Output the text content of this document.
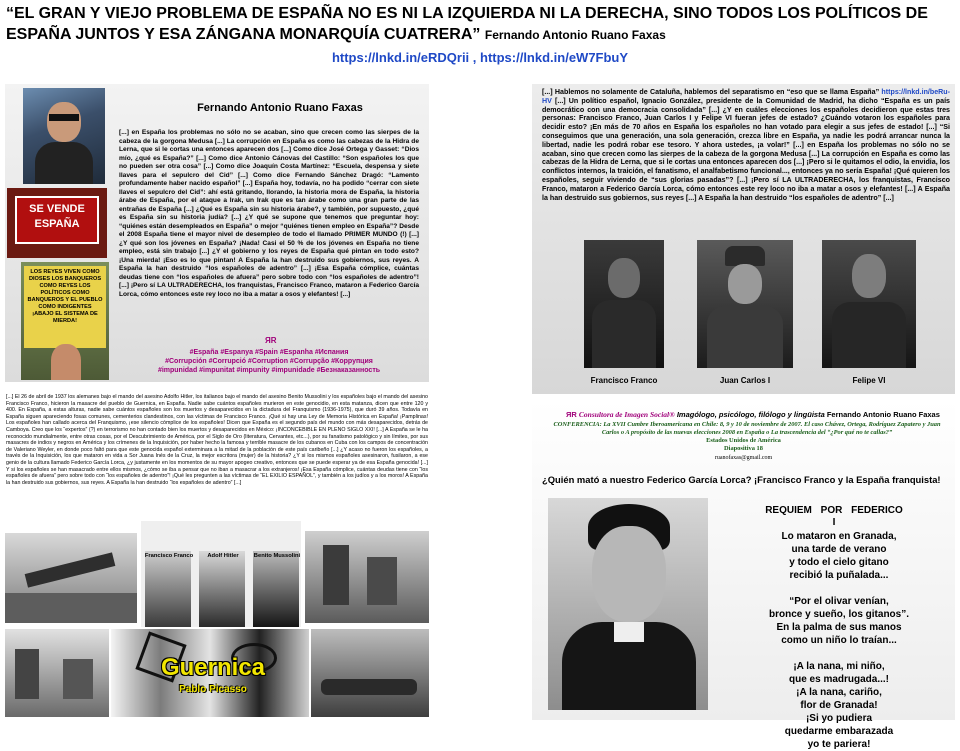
“EL GRAN Y VIEJO PROBLEMA DE ESPAÑA NO ES NI LA IZQUIERDA NI LA DERECHA, SINO TODOS LOS POLÍTICOS DE ESPAÑA JUNTOS Y ESA ZÁNGANA MONARQUÍA CUATRERA” Fernando Antonio Ruano Faxas
https://lnkd.in/eRDQrii , https://lnkd.in/eW7FbuY
SE VENDE ESPAÑA
LOS REYES VIVEN COMO DIOSES LOS BANQUEROS COMO REYES LOS POLÍTICOS COMO BANQUEROS Y EL PUEBLO COMO INDIGENTES ¡ABAJO EL SISTEMA DE MIERDA!
Fernando Antonio Ruano Faxas
[...] en España los problemas no sólo no se acaban, sino que crecen como las sierpes de la cabeza de la gorgona Medusa [...] La corrupción en España es como las cabezas de la Hidra de Lerna, que si le cortas una entonces aparecen dos [...] Como dice José Ortega y Gasset: “Dios mío, ¿qué es España?” [...] Como dice Antonio Cánovas del Castillo: “Son españoles los que no pueden ser otra cosa” [...] Como dice Joaquín Costa Martínez: “Escuela, despensa y siete llaves para el sepulcro del Cid” [...] Como dice Fernando Sánchez Dragó: “Lamento profundamente haber nacido español” [...] España hoy, todavía, no ha podido “cerrar con siete llaves el sepulcro del Cid”: ahí está gritando, llorando, la historia mora de España, la historia árabe de España, por el ataque a Irak, un Irak que es tan árabe como una gran parte de las entrañas de España [...] ¿Qué es España sin su historia árabe?, y también, por supuesto, ¿qué es España sin su historia judía? [...] ¿Y qué se supone que tenemos que preguntar hoy: “quiénes están desempleados en España” o mejor “quiénes tienen empleo en España”? Desde el 2008 España tiene el mayor nivel de desempleo de todo el llamado PRIMER MUNDO (!) [...] ¿Y qué son los jóvenes en España? ¡Nada! Casi el 50 % de los jóvenes en España no tiene empleo, está sin trabajo [...] ¿Y el gobierno y los reyes de España qué pintan en todo esto? ¡Una mierda! ¡Eso es lo que pintan! A España la han destruido sus gobiernos, sus reyes. A España la han destruido “los españoles de adentro” [...] ¡Esa España cómplice, cuántas deudas tiene con “los españoles de afuera” pero sobre todo con “los españoles de adentro”! [...] ¡Pero sí LA ULTRADERECHA, los franquistas, Francisco Franco, mataron a Federico García Lorca, cómo entonces este rey loco no iba a matar a osos y elefantes! [...]
ЯR
#España #Espanya #Spain #Espanha #Испания
#Corrupción #Corrupció #Corruption #Corrupção #Коррупция
#impunidad #impunitat #impunity #impunidade #Безнаказанность
[...] Hablemos no solamente de Cataluña, hablemos del separatismo en “eso que se llama España” https://lnkd.in/beRu-HV [...] Un político español, Ignacio González, presidente de la Comunidad de Madrid, ha dicho “España es un país democrático con una democracia consolidada” [...] ¿Y en cuáles elecciones los españoles decidieron que estas tres personas: Francisco Franco, Juan Carlos I y Felipe VI fueran jefes de estado? ¿Cuándo votaron los españoles para decidir esto? ¡En más de 70 años en España los españoles no han votado para elegir a sus jefes de estado! [...] “Si conseguimos que una generación, una sola generación, crezca libre en España, ya nadie les podrá arrancar nunca la libertad, nadie les podrá robar ese tesoro. Y ahora ustedes, ¡a volar!” [...] en España los problemas no sólo no se acaban, sino que crecen como las sierpes de la cabeza de la gorgona Medusa [...] La corrupción en España es como las cabezas de la Hidra de Lerna, que si le cortas una entonces aparecen dos [...] ¡Pero si le quitamos el odio, la envidia, los conflictos internos, la traición, el fanatismo, el analfabetismo funcional..., entonces ya no sería España! ¡Qué quieren los españoles, seguir viviendo de “sus glorias pasadas”? [...] ¡Pero sí LA ULTRADERECHA, los franquistas, Francisco Franco, mataron a Federico García Lorca, cómo entonces este rey loco no iba a matar a osos y elefantes! [...] A España la han destruido sus gobiernos, sus reyes [...] A España la han destruido “los españoles de adentro” [...]
Francisco Franco	Juan Carlos I	Felipe VI
[...] El 26 de abril de 1937 los alemanes bajo el mando del asesino Adolfo Hitler, los italianos bajo el mando del asesino Benito Mussolini y los españoles bajo el mando del asesino Francisco Franco, hicieron la masacre del pueblo de Guernica, en España. Nadie sabe cuántos españoles murieron en este genocidio, en esta matanza, dicen que entre 120 y 400. En España, a estas alturas, nadie sabe cuántos españoles son los muertos y desaparecidos en la dictadura del Franquismo (1936-1975), que duró 39 años. Todavía en España siguen apareciendo fosas comunes, cementerios clandestinos, con las víctimas de Francisco Franco. ¡Qué si hay una Ley de Memoria Histórica en España! ¡Pamplinas! Los españoles han callado acerca del Franquismo, ¡ese silencio cómplice de los españoles! Dicen que España es el segundo país del mundo con más desaparecidos, detrás de Camboya. Creo que los “expertos” (?) en terrorismo no han contado bien los muertos y desaparecidos en México: ¡INCONCEBIBLE EN PLENO SIGLO XXI! [...] A España se le ha reconocido mundialmente, entre otras cosas, por el Descubrimiento de América, por el Siglo de Oro (literatura, Cervantes, etc...), por su fanatismo patológico y sin límites, por sus masacres de indios y negros en América y los crímenes de la Inquisición, por haber hecho la famosa y terrible masacre de los cubanos en Cuba con los campos de concentración de Valeriano Weyler, en donde poco faltó para que este genocida español exterminara a la mitad de la población de este país caribeño [...] ¿Y acaso no fueron los españoles, a través de la Inquisición, los que mataron en vida a Sor Juana Inés de la Cruz, la mejor escritora (mujer) de la historia? ¿Y si los mismos españoles asesinaron, fusilaron, a ese genio de la cultura llamado Federico García Lorca, ¿y justamente en los momentos de su mayor apogeo creativo, entonces que se puede esperar ya de esa España genocida! [...] Y si los españoles se han masacrado entre ellos mismos, ¿cómo se iba a pensar que no iban a masacrar a los extranjeros! ¡Esa España cómplice, cuántas deudas tiene con “los españoles de afuera” pero sobre todo con “los españoles de adentro”! ¡Qué les pregunten a las víctimas de “EL EXILIO ESPAÑOL”, y también a los judíos y a los moros! A España la han destruido sus gobiernos, sus reyes. A España la han destruido “los españoles de adentro” [...]
Francisco Franco	Adolf Hitler	Benito Mussolini
Guernica
Pablo Picasso
ЯR Consultora de Imagen Social® Imagólogo, psicólogo, filólogo y lingüista Fernando Antonio Ruano Faxas
CONFERENCIA: La XVII Cumbre Iberoamericana en Chile: 8, 9 y 10 de noviembre de 2007. El caso Chávez, Ortega, Rodríguez Zapatero y Juan Carlos o A propósito de las nuevas elecciones 2008 en España o La trascendencia del “¿Por qué no te callas?”
Estados Unidos de América
Diapositiva 18
ruanofaxas@gmail.com
¿Quién mató a nuestro Federico García Lorca? ¡Francisco Franco y la España franquista!
REQUIEM POR FEDERICO
I
Lo mataron en Granada,
una tarde de verano
y todo el cielo gitano
recibió la puñalada...
“Por el olivar venían,
bronce y sueño, los gitanos”.
En la palma de sus manos
como un niño lo traían...
¡A la nana, mi niño,
que es madrugada...!
¡A la nana, cariño,
flor de Granada!
¡Si yo pudiera
quedarme embarazada
yo te pariera!
